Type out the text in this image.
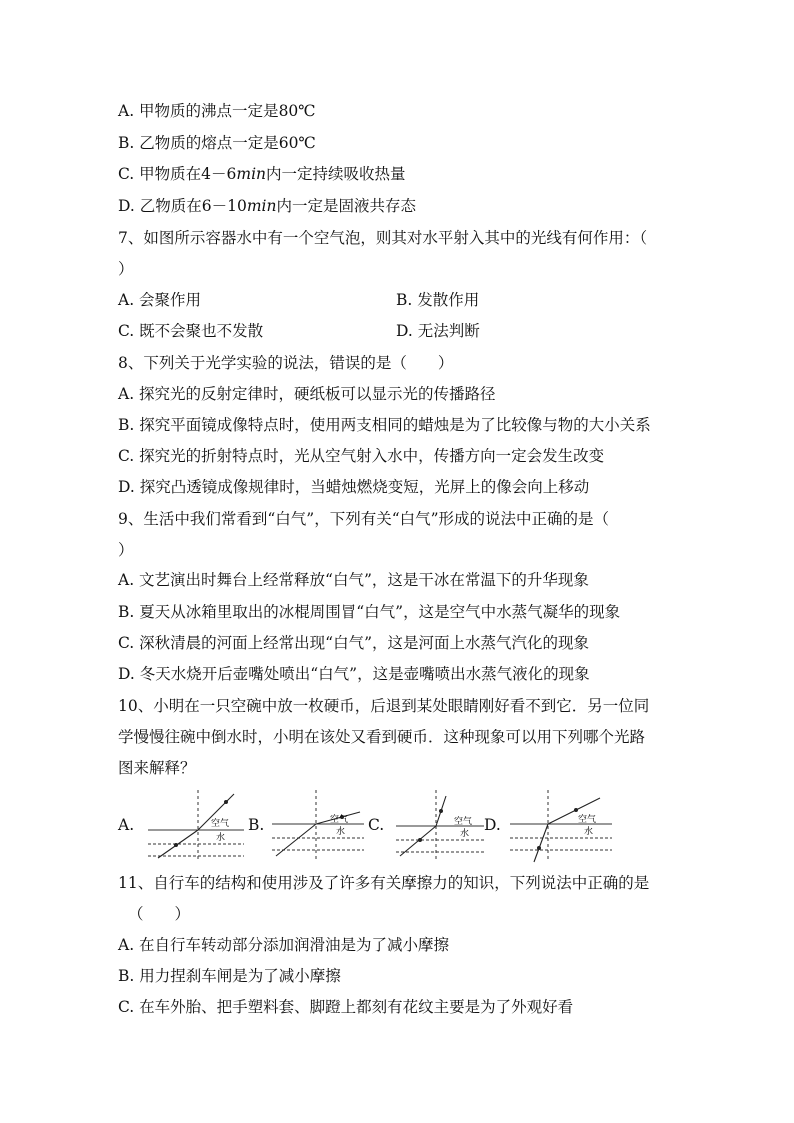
A. 甲物质的沸点一定是80℃
B. 乙物质的熔点一定是60℃
C. 甲物质在4－6min内一定持续吸收热量
D. 乙物质在6－10min内一定是固液共存态
7、如图所示容器水中有一个空气泡，则其对水平射入其中的光线有何作用：（
）
A. 会聚作用	B. 发散作用
C. 既不会聚也不发散	D. 无法判断
8、下列关于光学实验的说法，错误的是（　　）
A. 探究光的反射定律时，硬纸板可以显示光的传播路径
B. 探究平面镜成像特点时，使用两支相同的蜡烛是为了比较像与物的大小关系
C. 探究光的折射特点时，光从空气射入水中，传播方向一定会发生改变
D. 探究凸透镜成像规律时，当蜡烛燃烧变短，光屏上的像会向上移动
9、生活中我们常看到“白气”，下列有关“白气”形成的说法中正确的是（
）
A. 文艺演出时舞台上经常释放“白气”，这是干冰在常温下的升华现象
B. 夏天从冰箱里取出的冰棍周围冒“白气”，这是空气中水蒸气凝华的现象
C. 深秋清晨的河面上经常出现“白气”，这是河面上水蒸气汽化的现象
D. 冬天水烧开后壶嘴处喷出“白气”，这是壶嘴喷出水蒸气液化的现象
10、小明在一只空碗中放一枚硬币，后退到某处眼睛刚好看不到它．另一位同
学慢慢往碗中倒水时，小明在该处又看到硬币．这种现象可以用下列哪个光路
图来解释？
A.	空气
水
B.	空气
水 C.	空气
水 D.	空气
水
11、自行车的结构和使用涉及了许多有关摩擦力的知识，下列说法中正确的是
（　　）
A. 在自行车转动部分添加润滑油是为了减小摩擦
B. 用力捏刹车闸是为了减小摩擦
C. 在车外胎、把手塑料套、脚蹬上都刻有花纹主要是为了外观好看
